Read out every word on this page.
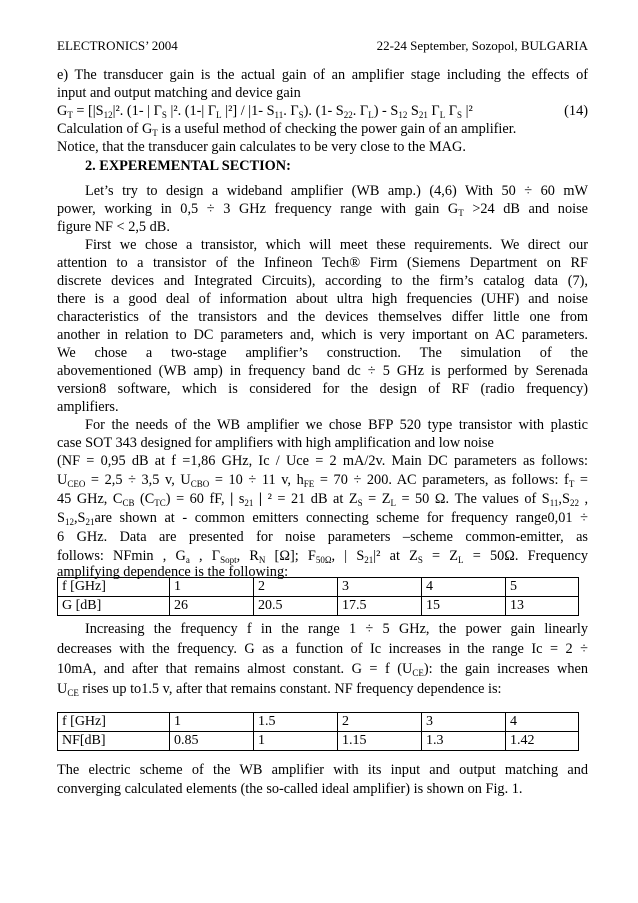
ELECTRONICS’ 2004	22-24 September, Sozopol, BULGARIA
e) The transducer gain is the actual gain of an amplifier stage including the effects of
input and output matching and device gain
$G_T = [|S_{12}|^2$. (1- | $\Gamma_S$ |². (1-| $\Gamma_L$ |²] / |1- $S_{11}$. $\Gamma_S$). (1- $S_{22}$. $\Gamma_L) - S_{12}$ $S_{21}$ $\Gamma_L$ $\Gamma_S$ |²	(14)
Calculation of $G_T$ is a useful method of checking the power gain of an amplifier.
Notice, that the transducer gain calculates to be very close to the MAG.
2. EXPEREMENTAL SECTION:
Let’s try to design a wideband amplifier (WB amp.) (4,6) With 50 ÷ 60 mW
power, working in 0,5 ÷ 3 GHz frequency range with gain $G_T >24$ dB and noise
figure NF < 2,5 dB.
First we chose a transistor, which will meet these requirements. We direct our
attention to a transistor of the Infineon Tech® Firm (Siemens Department on RF
discrete devices and Integrated Circuits), according to the firm’s catalog data (7),
there is a good deal of information about ultra high frequencies (UHF) and noise
characteristics of the transistors and the devices themselves differ little one from
another in relation to DC parameters and, which is very important on AC parameters.
We chose a two-stage amplifier’s construction. The simulation of the
abovementioned (WB amp) in frequency band dc ÷ 5 GHz is performed by Serenada
version8 software, which is considered for the design of RF (radio frequency)
amplifiers.
For the needs of the WB amplifier we chose BFP 520 type transistor with plastic
case SOT 343 designed for amplifiers with high amplification and low noise
(NF = 0,95 dB at f =1,86 GHz, Ic / Uce = 2 mA/2v. Main DC parameters as follows:
$U_{CEO} = 2,5 \div 3,5$ v, $U_{CBO} = 10 \div 11$ v, $h_{FE} = 70 \div 200$. AC parameters, as follows: $f_T$ =
45 GHz, $C_{CB}$ $(C_{TC}) = 60$ fF, | $s_{21}$ | ² = 21 dB at $Z_S = Z_L = 50$ Ω. The values of $S_{11},S_{22}$ ,
$S_{12},S_{21}are$ shown at - common emitters connecting scheme for frequency range0,01 ÷
6 GHz. Data are presented for noise parameters –scheme common-emitter, as
follows: NFmin , $G_a$ , $\Gamma_{Sopt}$, $R_N$ [Ω]; $F_{50\Omega}$, | $S_{21}|^2$ at $Z_S = Z_L = 50\Omega$. Frequency
amplifying dependence is the following:
f [GHz]	1	2	3	4	5
G [dB]	26	20.5	17.5	15	13
Increasing the frequency f in the range 1 ÷ 5 GHz, the power gain linearly
decreases with the frequency. G as a function of Ic increases in the range Ic = 2 ÷
10mA, and after that remains almost constant. G = f $(U_{CE})$: the gain increases when
$U_{CE}$ rises up to1.5 v, after that remains constant. NF frequency dependence is:
f [GHz]	1	1.5	2	3	4
NF[dB]	0.85	1	1.15	1.3	1.42
The electric scheme of the WB amplifier with its input and output matching and
converging calculated elements (the so-called ideal amplifier) is shown on Fig. 1.
